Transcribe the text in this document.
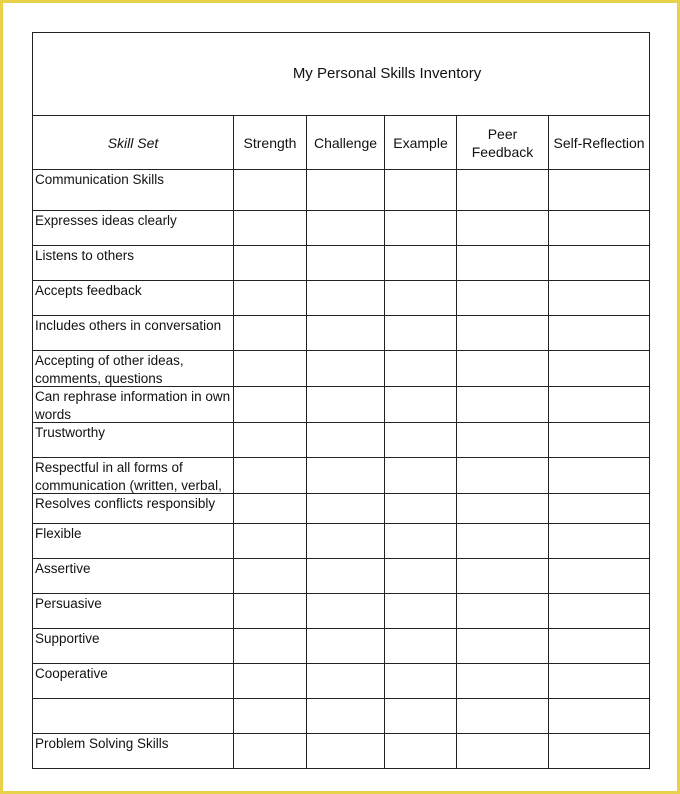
My Personal Skills Inventory					
Skill Set	Strength	Challenge	Example	Peer Feedback	Self-Reflection

Communication Skills					

Expresses ideas clearly					

Listens to others					

Accepts feedback					

Includes others in conversation					

Accepting of other ideas, comments, questions					

Can rephrase information in own words					

Trustworthy					

Respectful in all forms of communication (written, verbal,					

Resolves conflicts responsibly					

Flexible					

Assertive					

Persuasive					

Supportive					

Cooperative					

Problem Solving Skills					
